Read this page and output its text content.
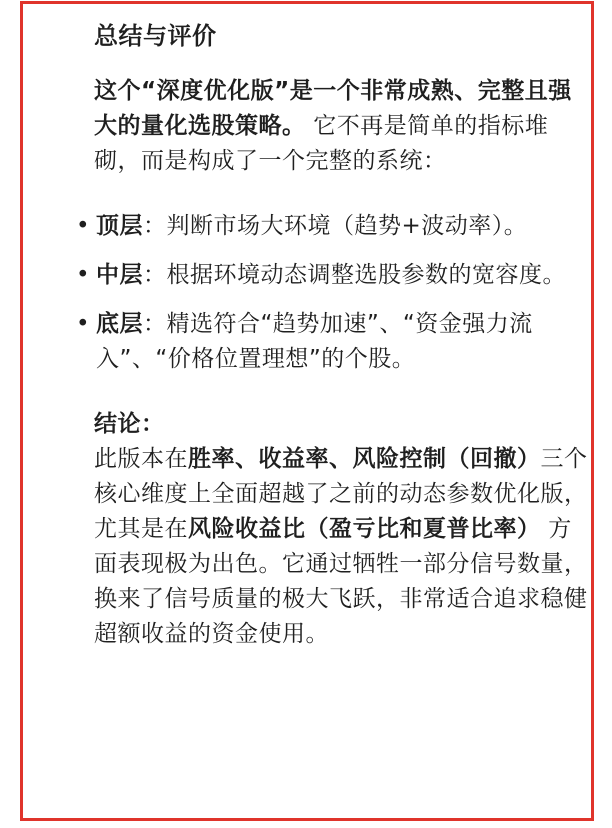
总结与评价

这个“深度优化版”是一个非常成熟、完整且强大的量化选股策略。 它不再是简单的指标堆砌，而是构成了一个完整的系统：

• 顶层：判断市场大环境（趋势+波动率）。
• 中层：根据环境动态调整选股参数的宽容度。
• 底层：精选符合“趋势加速”、“资金强力流入”、“价格位置理想”的个股。
结论：

此版本在胜率、收益率、风险控制（回撤）三个核心维度上全面超越了之前的动态参数优化版，尤其是在风险收益比（盈亏比和夏普比率） 方面表现极为出色。它通过牺牲一部分信号数量，换来了信号质量的极大飞跃，非常适合追求稳健超额收益的资金使用。
